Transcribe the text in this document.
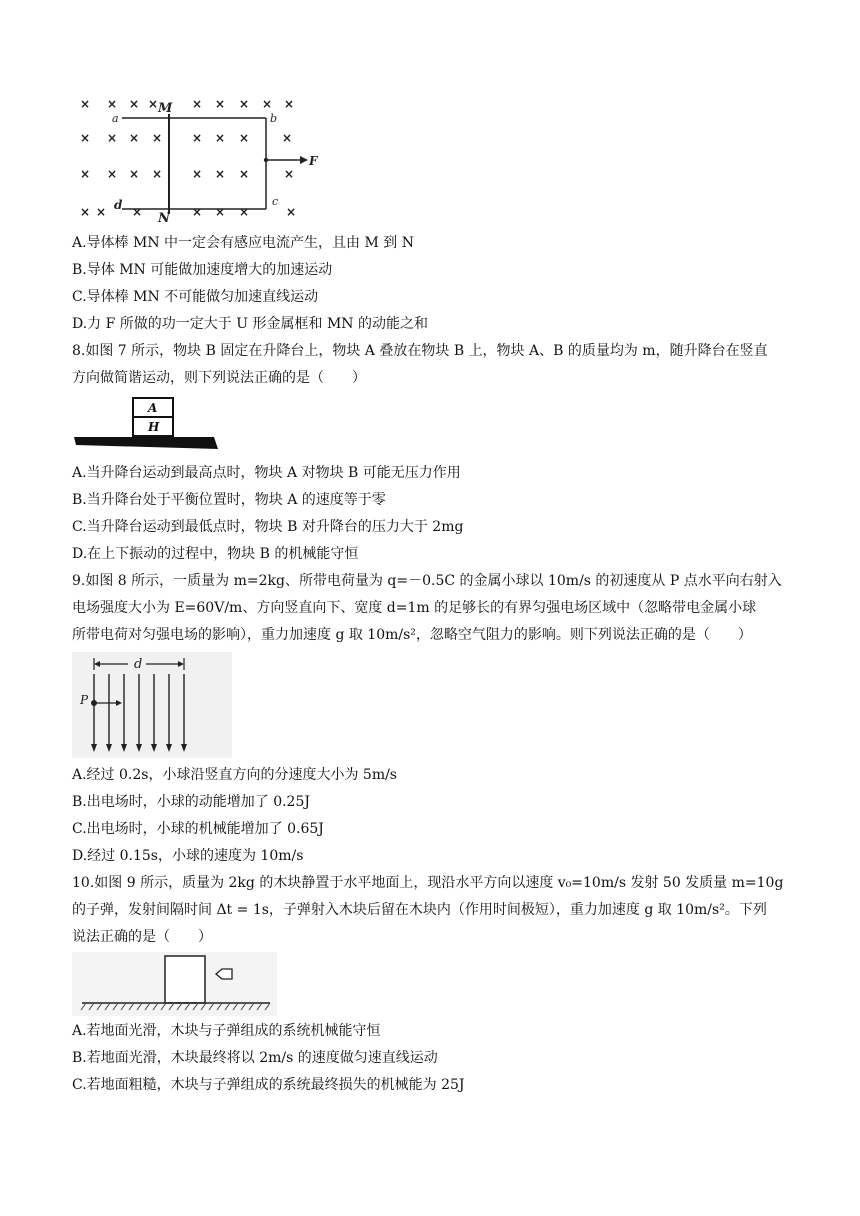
× × × ×	× × × × ×
× × × × × × ×	×
× × × × × × ×	×
× × ×	× × ×	×
a
M
b
F
c
d
N
A.导体棒 MN 中一定会有感应电流产生，且由 M 到 N
B.导体 MN 可能做加速度增大的加速运动
C.导体棒 MN 不可能做匀加速直线运动
D.力 F 所做的功一定大于 U 形金属框和 MN 的动能之和
8.如图 7 所示，物块 B 固定在升降台上，物块 A 叠放在物块 B 上，物块 A、B 的质量均为 m，随升降台在竖直
方向做简谐运动，则下列说法正确的是（　　）
A
H
A.当升降台运动到最高点时，物块 A 对物块 B 可能无压力作用
B.当升降台处于平衡位置时，物块 A 的速度等于零
C.当升降台运动到最低点时，物块 B 对升降台的压力大于 2mg
D.在上下振动的过程中，物块 B 的机械能守恒
9.如图 8 所示，一质量为 m=2kg、所带电荷量为 q=－0.5C 的金属小球以 10m/s 的初速度从 P 点水平向右射入
电场强度大小为 E=60V/m、方向竖直向下、宽度 d=1m 的足够长的有界匀强电场区域中（忽略带电金属小球
所带电荷对匀强电场的影响），重力加速度 g 取 10m/s²，忽略空气阻力的影响。则下列说法正确的是（　　）
d
P
A.经过 0.2s，小球沿竖直方向的分速度大小为 5m/s
B.出电场时，小球的动能增加了 0.25J
C.出电场时，小球的机械能增加了 0.65J
D.经过 0.15s，小球的速度为 10m/s
10.如图 9 所示，质量为 2kg 的木块静置于水平地面上，现沿水平方向以速度 v₀=10m/s 发射 50 发质量 m=10g
的子弹，发射间隔时间 Δt = 1s，子弹射入木块后留在木块内（作用时间极短），重力加速度 g 取 10m/s²。下列
说法正确的是（　　）
A.若地面光滑，木块与子弹组成的系统机械能守恒
B.若地面光滑，木块最终将以 2m/s 的速度做匀速直线运动
C.若地面粗糙，木块与子弹组成的系统最终损失的机械能为 25J
